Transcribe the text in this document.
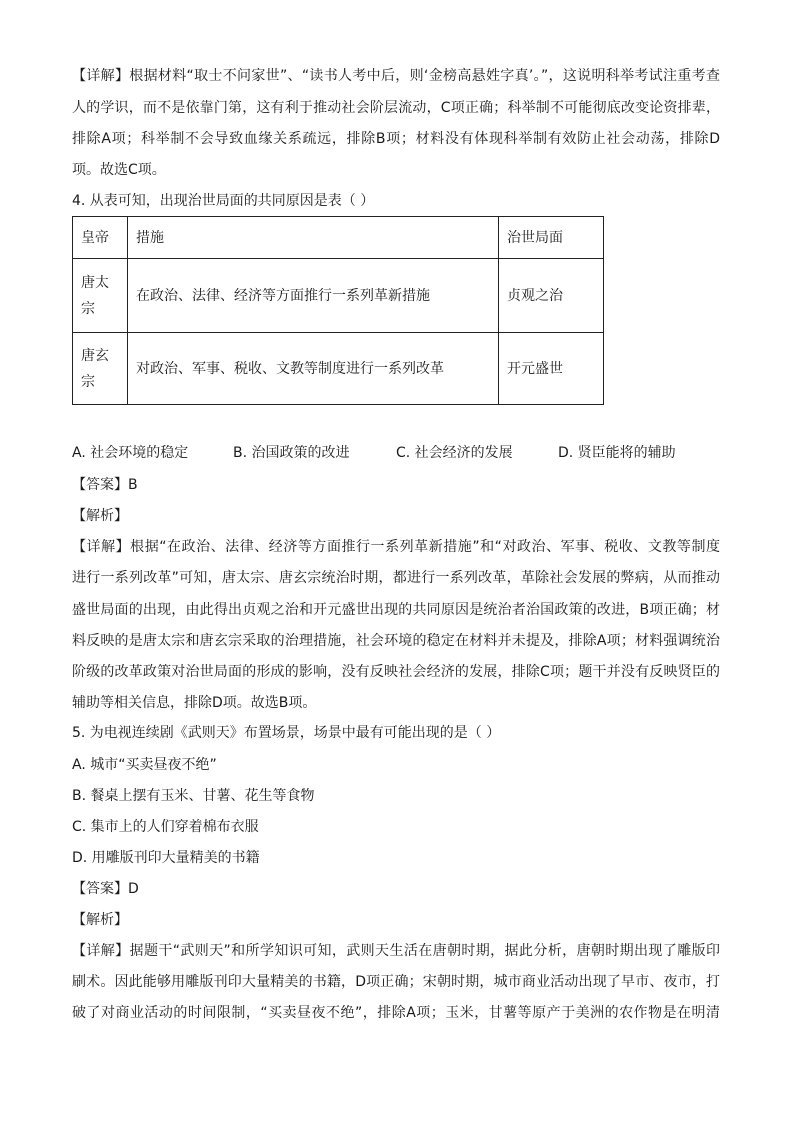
【详解】根据材料“取士不问家世”、“读书人考中后，则‘金榜高悬姓字真’。”，这说明科举考试注重考查
人的学识，而不是依靠门第，这有利于推动社会阶层流动，C项正确；科举制不可能彻底改变论资排辈，
排除A项；科举制不会导致血缘关系疏远，排除B项；材料没有体现科举制有效防止社会动荡，排除D
项。故选C项。
4. 从表可知，出现治世局面的共同原因是表（ ）
皇帝	措施	治世局面
唐太宗	在政治、法律、经济等方面推行一系列革新措施	贞观之治
唐玄宗	对政治、军事、税收、文教等制度进行一系列改革	开元盛世
A. 社会环境的稳定	B. 治国政策的改进	C. 社会经济的发展	D. 贤臣能将的辅助
【答案】B
【解析】
【详解】根据“在政治、法律、经济等方面推行一系列革新措施”和“对政治、军事、税收、文教等制度
进行一系列改革”可知，唐太宗、唐玄宗统治时期，都进行一系列改革，革除社会发展的弊病，从而推动
盛世局面的出现，由此得出贞观之治和开元盛世出现的共同原因是统治者治国政策的改进，B项正确；材
料反映的是唐太宗和唐玄宗采取的治理措施，社会环境的稳定在材料并未提及，排除A项；材料强调统治
阶级的改革政策对治世局面的形成的影响，没有反映社会经济的发展，排除C项；题干并没有反映贤臣的
辅助等相关信息，排除D项。故选B项。
5. 为电视连续剧《武则天》布置场景，场景中最有可能出现的是（ ）
A. 城市“买卖昼夜不绝”
B. 餐桌上摆有玉米、甘薯、花生等食物
C. 集市上的人们穿着棉布衣服
D. 用雕版刊印大量精美的书籍
【答案】D
【解析】
【详解】据题干“武则天”和所学知识可知，武则天生活在唐朝时期，据此分析，唐朝时期出现了雕版印
刷术。因此能够用雕版刊印大量精美的书籍，D项正确；宋朝时期，城市商业活动出现了早市、夜市，打
破了对商业活动的时间限制，“买卖昼夜不绝”，排除A项；玉米，甘薯等原产于美洲的农作物是在明清
